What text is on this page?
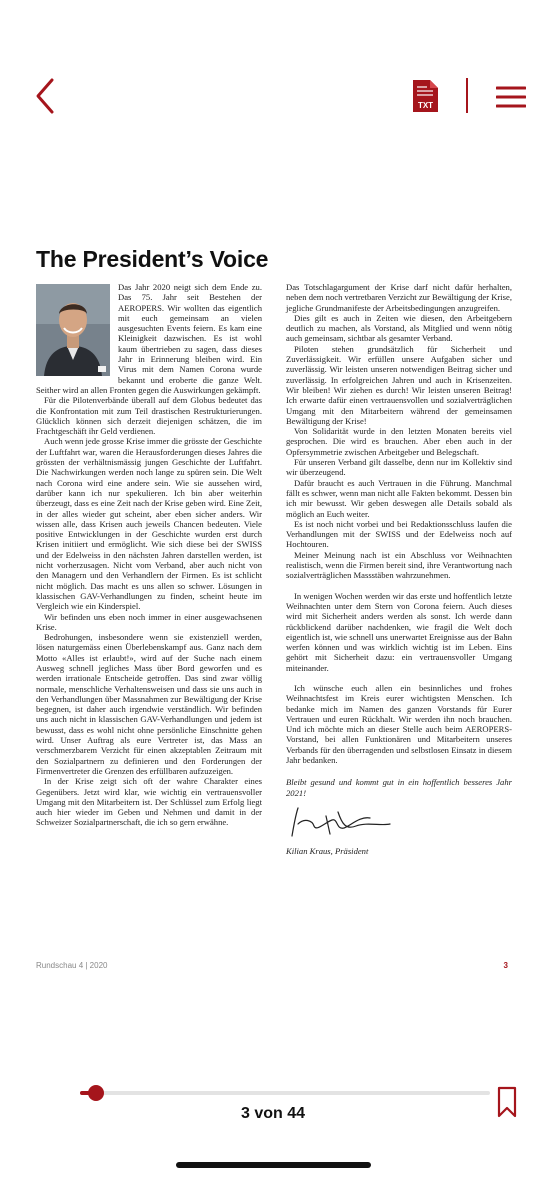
TXT
The President’s Voice

Das Jahr 2020 neigt sich dem Ende zu. Das 75. Jahr seit Bestehen der AEROPERS. Wir wollten das eigentlich mit euch gemeinsam an vielen ausgesuchten Events feiern. Es kam eine Kleinigkeit dazwischen. Es ist wohl kaum übertrieben zu sagen, dass dieses Jahr in Erinnerung bleiben wird. Ein Virus mit dem Namen Corona wurde bekannt und eroberte die ganze Welt. Seither wird an allen Fronten gegen die Auswirkungen gekämpft.

Für die Pilotenverbände überall auf dem Globus bedeutet das die Konfrontation mit zum Teil drastischen Restrukturierungen. Glücklich können sich derzeit diejenigen schätzen, die im Frachtgeschäft ihr Geld verdienen.

Auch wenn jede grosse Krise immer die grösste der Geschichte der Luftfahrt war, waren die Herausforderungen dieses Jahres die grössten der verhältnismässig jungen Geschichte der Luftfahrt. Die Nachwirkungen werden noch lange zu spüren sein. Die Welt nach Corona wird eine andere sein. Wie sie aussehen wird, darüber kann ich nur spekulieren. Ich bin aber weiterhin überzeugt, dass es eine Zeit nach der Krise geben wird. Eine Zeit, in der alles wieder gut scheint, aber eben sicher anders. Wir wissen alle, dass Krisen auch jeweils Chancen bedeuten. Viele positive Entwicklungen in der Geschichte wurden erst durch Krisen initiiert und ermöglicht. Wie sich diese bei der SWISS und der Edelweiss in den nächsten Jahren darstellen werden, ist nicht vorherzusagen. Nicht vom Verband, aber auch nicht von den Managern und den Verhandlern der Firmen. Es ist schlicht nicht möglich. Das macht es uns allen so schwer. Lösungen in klassischen GAV-Verhandlungen zu finden, scheint heute im Vergleich wie ein Kinderspiel.

Wir befinden uns eben noch immer in einer ausgewachsenen Krise.

Bedrohungen, insbesondere wenn sie existenziell werden, lösen naturgemäss einen Überlebenskampf aus. Ganz nach dem Motto «Alles ist erlaubt!», wird auf der Suche nach einem Ausweg schnell jegliches Mass über Bord geworfen und es werden irrationale Entscheide getroffen. Das sind zwar völlig normale, menschliche Verhaltensweisen und dass sie uns auch in den Verhandlungen über Massnahmen zur Bewältigung der Krise begegnen, ist daher auch irgendwie verständlich. Wir befinden uns auch nicht in klassischen GAV-Verhandlungen und jedem ist bewusst, dass es wohl nicht ohne persönliche Einschnitte gehen wird. Unser Auftrag als eure Vertreter ist, das Mass an verschmerzbarem Verzicht für einen akzeptablen Zeitraum mit den Sozialpartnern zu definieren und den Forderungen der Firmenvertreter die Grenzen des erfüllbaren aufzuzeigen.

In der Krise zeigt sich oft der wahre Charakter eines Gegenübers. Jetzt wird klar, wie wichtig ein vertrauensvoller Umgang mit den Mitarbeitern ist. Der Schlüssel zum Erfolg liegt auch hier wieder im Geben und Nehmen und damit in der Schweizer Sozialpartnerschaft, die ich so gern erwähne.

Das Totschlagargument der Krise darf nicht dafür herhalten, neben dem noch vertretbaren Verzicht zur Bewältigung der Krise, jegliche Grundmanifeste der Arbeitsbedingungen anzugreifen.

Dies gilt es auch in Zeiten wie diesen, den Arbeitgebern deutlich zu machen, als Vorstand, als Mitglied und wenn nötig auch gemeinsam, sichtbar als gesamter Verband.

Piloten stehen grundsätzlich für Sicherheit und Zuverlässigkeit. Wir erfüllen unsere Aufgaben sicher und zuverlässig. Wir leisten unseren notwendigen Beitrag sicher und zuverlässig. In erfolgreichen Jahren und auch in Krisenzeiten. Wir bleiben! Wir ziehen es durch! Wir leisten unseren Beitrag! Ich erwarte dafür einen vertrauensvollen und sozialverträglichen Umgang mit den Mitarbeitern während der gemeinsamen Bewältigung der Krise!

Von Solidarität wurde in den letzten Monaten bereits viel gesprochen. Die wird es brauchen. Aber eben auch in der Opfersymmetrie zwischen Arbeitgeber und Belegschaft.

Für unseren Verband gilt dasselbe, denn nur im Kollektiv sind wir überzeugend.

Dafür braucht es auch Vertrauen in die Führung. Manchmal fällt es schwer, wenn man nicht alle Fakten bekommt. Dessen bin ich mir bewusst. Wir geben deswegen alle Details sobald als möglich an Euch weiter.

Es ist noch nicht vorbei und bei Redaktionsschluss laufen die Verhandlungen mit der SWISS und der Edelweiss noch auf Hochtouren.

Meiner Meinung nach ist ein Abschluss vor Weihnachten realistisch, wenn die Firmen bereit sind, ihre Verantwortung nach sozialverträglichen Massstäben wahrzunehmen.

In wenigen Wochen werden wir das erste und hoffentlich letzte Weihnachten unter dem Stern von Corona feiern. Auch dieses wird mit Sicherheit anders werden als sonst. Ich werde dann rückblickend darüber nachdenken, wie fragil die Welt doch eigentlich ist, wie schnell uns unerwartet Ereignisse aus der Bahn werfen können und was wirklich wichtig ist im Leben. Eins gehört mit Sicherheit dazu: ein vertrauensvoller Umgang miteinander.

Ich wünsche euch allen ein besinnliches und frohes Weihnachtsfest im Kreis eurer wichtigsten Menschen. Ich bedanke mich im Namen des ganzen Vorstands für Eurer Vertrauen und euren Rückhalt. Wir werden ihn noch brauchen. Und ich möchte mich an dieser Stelle auch beim AEROPERS-Vorstand, bei allen Funktionären und Mitarbeitern unseres Verbands für den überragenden und selbstlosen Einsatz in diesem Jahr bedanken.

Bleibt gesund und kommt gut in ein hoffentlich besseres Jahr 2021!

Kilian Kraus, Präsident

Rundschau 4 | 2020	3
3 von 44
